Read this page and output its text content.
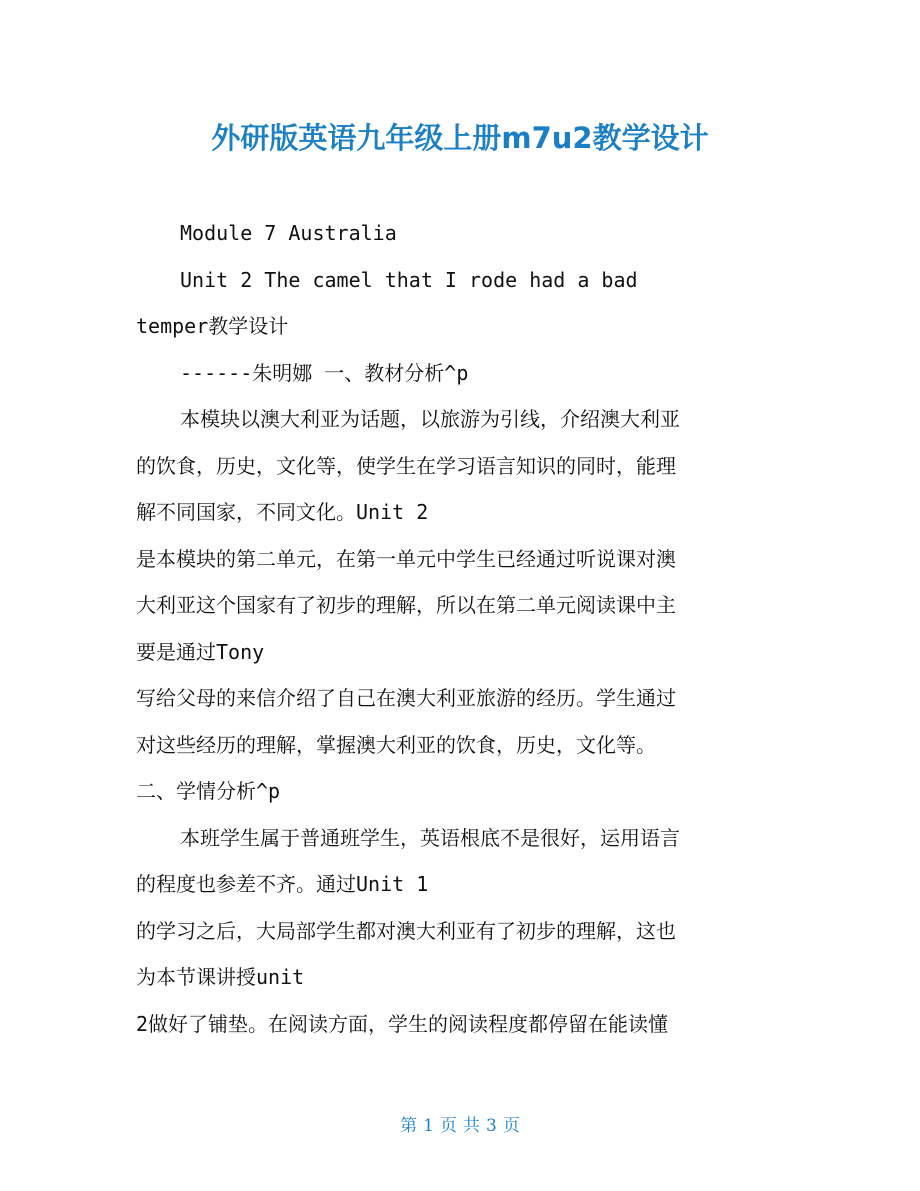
外研版英语九年级上册m7u2教学设计

Module 7 Australia

Unit 2 The camel that I rode had a bad

temper教学设计

------朱明娜 一、教材分析^p

本模块以澳大利亚为话题，以旅游为引线，介绍澳大利亚

的饮食，历史，文化等，使学生在学习语言知识的同时，能理

解不同国家，不同文化。Unit 2

是本模块的第二单元，在第一单元中学生已经通过听说课对澳

大利亚这个国家有了初步的理解，所以在第二单元阅读课中主

要是通过Tony

写给父母的来信介绍了自己在澳大利亚旅游的经历。学生通过

对这些经历的理解，掌握澳大利亚的饮食，历史，文化等。

二、学情分析^p

本班学生属于普通班学生，英语根底不是很好，运用语言

的程度也参差不齐。通过Unit 1

的学习之后，大局部学生都对澳大利亚有了初步的理解，这也

为本节课讲授unit

2做好了铺垫。在阅读方面，学生的阅读程度都停留在能读懂

第 1 页 共 3 页
